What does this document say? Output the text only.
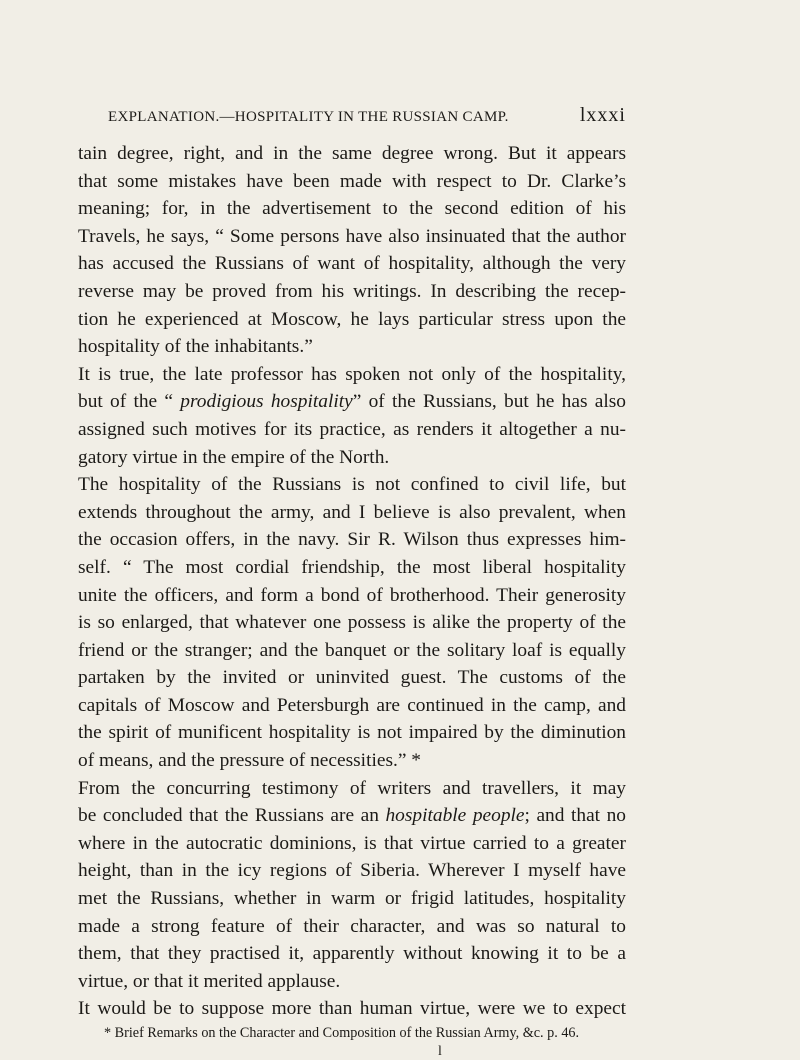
EXPLANATION.—HOSPITALITY IN THE RUSSIAN CAMP.	lxxxi
tain degree, right, and in the same degree wrong. But it appears
that some mistakes have been made with respect to Dr. Clarke’s
meaning; for, in the advertisement to the second edition of his
Travels, he says, “ Some persons have also insinuated that the author
has accused the Russians of want of hospitality, although the very
reverse may be proved from his writings. In describing the recep-
tion he experienced at Moscow, he lays particular stress upon the
hospitality of the inhabitants.”
It is true, the late professor has spoken not only of the hospitality,
but of the “ prodigious hospitality” of the Russians, but he has also
assigned such motives for its practice, as renders it altogether a nu-
gatory virtue in the empire of the North.
The hospitality of the Russians is not confined to civil life, but
extends throughout the army, and I believe is also prevalent, when
the occasion offers, in the navy. Sir R. Wilson thus expresses him-
self. “ The most cordial friendship, the most liberal hospitality
unite the officers, and form a bond of brotherhood. Their generosity
is so enlarged, that whatever one possess is alike the property of the
friend or the stranger; and the banquet or the solitary loaf is equally
partaken by the invited or uninvited guest. The customs of the
capitals of Moscow and Petersburgh are continued in the camp, and
the spirit of munificent hospitality is not impaired by the diminution
of means, and the pressure of necessities.” *
From the concurring testimony of writers and travellers, it may
be concluded that the Russians are an hospitable people; and that no
where in the autocratic dominions, is that virtue carried to a greater
height, than in the icy regions of Siberia. Wherever I myself have
met the Russians, whether in warm or frigid latitudes, hospitality
made a strong feature of their character, and was so natural to
them, that they practised it, apparently without knowing it to be a
virtue, or that it merited applause.
It would be to suppose more than human virtue, were we to expect
* Brief Remarks on the Character and Composition of the Russian Army, &c. p. 46.
l
